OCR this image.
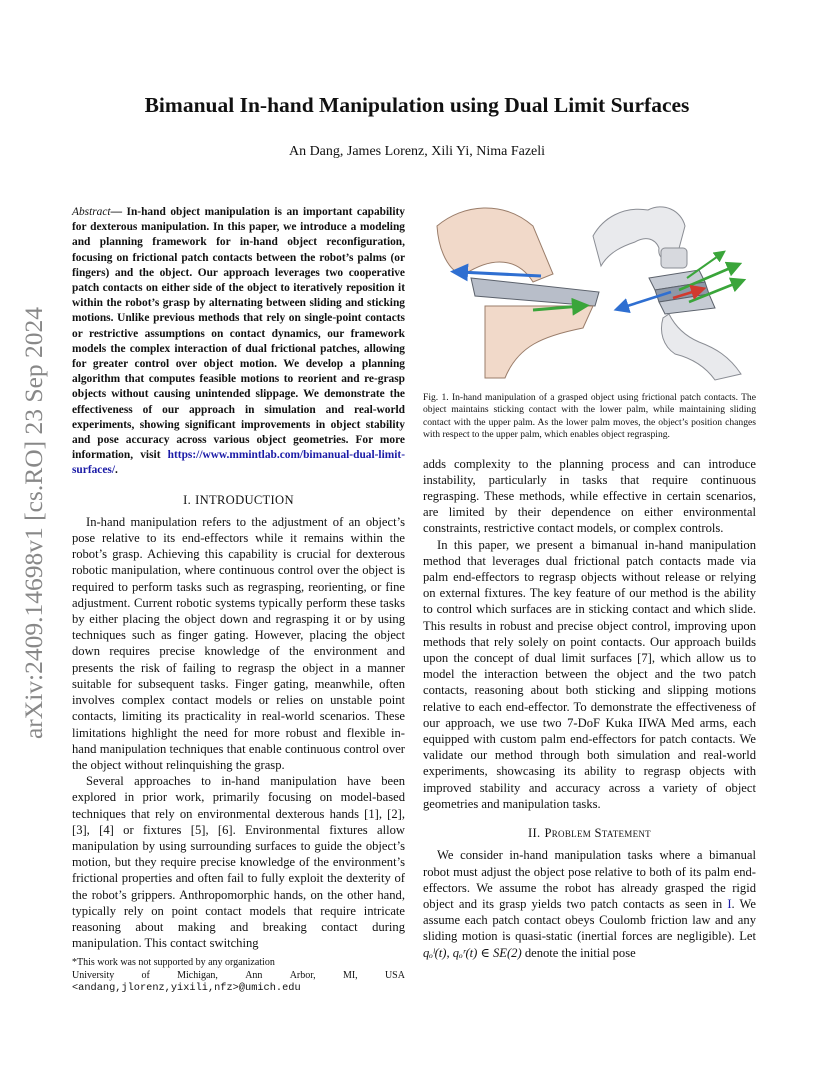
arXiv:2409.14698v1 [cs.RO] 23 Sep 2024
Bimanual In-hand Manipulation using Dual Limit Surfaces
An Dang, James Lorenz, Xili Yi, Nima Fazeli

Abstract— In-hand object manipulation is an important capability for dexterous manipulation. In this paper, we introduce a modeling and planning framework for in-hand object reconfiguration, focusing on frictional patch contacts between the robot’s palms (or fingers) and the object. Our approach leverages two cooperative patch contacts on either side of the object to iteratively reposition it within the robot’s grasp by alternating between sliding and sticking motions. Unlike previous methods that rely on single-point contacts or restrictive assumptions on contact dynamics, our framework models the complex interaction of dual frictional patches, allowing for greater control over object motion. We develop a planning algorithm that computes feasible motions to reorient and re-grasp objects without causing unintended slippage. We demonstrate the effectiveness of our approach in simulation and real-world experiments, showing significant improvements in object stability and pose accuracy across various object geometries. For more information, visit https://www.mmintlab.com/bimanual-dual-limit-surfaces/.

I. INTRODUCTION

In-hand manipulation refers to the adjustment of an object’s pose relative to its end-effectors while it remains within the robot’s grasp. Achieving this capability is crucial for dexterous robotic manipulation, where continuous control over the object is required to perform tasks such as regrasping, reorienting, or fine adjustment. Current robotic systems typically perform these tasks by either placing the object down and regrasping it or by using techniques such as finger gating. However, placing the object down requires precise knowledge of the environment and presents the risk of failing to regrasp the object in a manner suitable for subsequent tasks. Finger gating, meanwhile, often involves complex contact models or relies on unstable point contacts, limiting its practicality in real-world scenarios. These limitations highlight the need for more robust and flexible in-hand manipulation techniques that enable continuous control over the object without relinquishing the grasp.

Several approaches to in-hand manipulation have been explored in prior work, primarily focusing on model-based techniques that rely on environmental dexterous hands [1], [2], [3], [4] or fixtures [5], [6]. Environmental fixtures allow manipulation by using surrounding surfaces to guide the object’s motion, but they require precise knowledge of the environment’s frictional properties and often fail to fully exploit the dexterity of the robot’s grippers. Anthropomorphic hands, on the other hand, typically rely on point contact models that require intricate reasoning about making and breaking contact during manipulation. This contact switching

Fig. 1. In-hand manipulation of a grasped object using frictional patch contacts. The object maintains sticking contact with the lower palm, while maintaining sliding contact with the upper palm. As the lower palm moves, the object’s position changes with respect to the upper palm, which enables object regrasping.

adds complexity to the planning process and can introduce instability, particularly in tasks that require continuous regrasping. These methods, while effective in certain scenarios, are limited by their dependence on either environmental constraints, restrictive contact models, or complex controls.

In this paper, we present a bimanual in-hand manipulation method that leverages dual frictional patch contacts made via palm end-effectors to regrasp objects without release or relying on external fixtures. The key feature of our method is the ability to control which surfaces are in sticking contact and which slide. This results in robust and precise object control, improving upon methods that rely solely on point contacts. Our approach builds upon the concept of dual limit surfaces [7], which allow us to model the interaction between the object and the two patch contacts, reasoning about both sticking and slipping motions relative to each end-effector. To demonstrate the effectiveness of our approach, we use two 7-DoF Kuka IIWA Med arms, each equipped with custom palm end-effectors for patch contacts. We validate our method through both simulation and real-world experiments, showcasing its ability to regrasp objects with improved stability and accuracy across a variety of object geometries and manipulation tasks.

II. Problem Statement

We consider in-hand manipulation tasks where a bimanual robot must adjust the object pose relative to both of its palm end-effectors. We assume the robot has already grasped the rigid object and its grasp yields two patch contacts as seen in I. We assume each patch contact obeys Coulomb friction law and any sliding motion is quasi-static (inertial forces are negligible). Let qₒˡ(t), qₒʳ(t) ∈ SE(2) denote the initial pose

*This work was not supported by any organization
University	of	Michigan,	Ann	Arbor,	MI,	USA
<andang,jlorenz,yixili,nfz>@umich.edu
